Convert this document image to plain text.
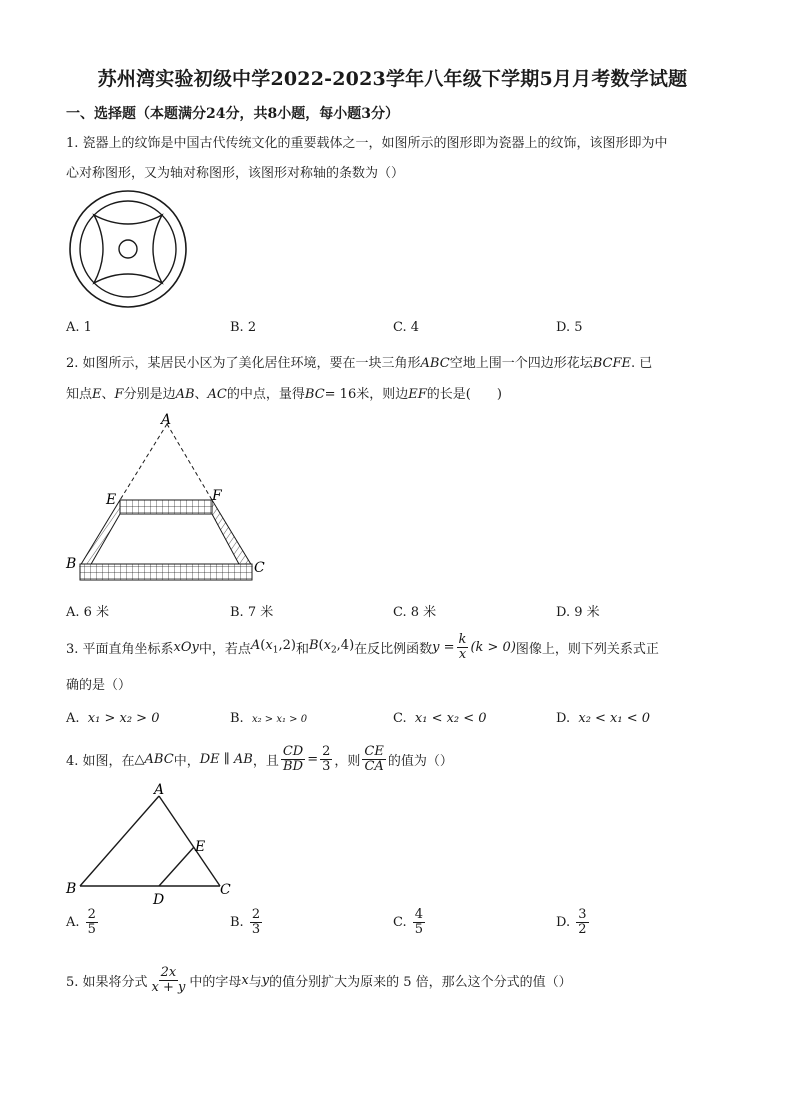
苏州湾实验初级中学2022-2023学年八年级下学期5月月考数学试题
一、选择题（本题满分24分，共8小题，每小题3分）
1. 瓷器上的纹饰是中国古代传统文化的重要载体之一，如图所示的图形即为瓷器上的纹饰，该图形即为中
心对称图形，又为轴对称图形，该图形对称轴的条数为（）
A. 1	B. 2	C. 4	D. 5
2. 如图所示，某居民小区为了美化居住环境，要在一块三角形ABC空地上围一个四边形花坛BCFE. 已
知点E、F分别是边AB、AC的中点，量得BC= 16米，则边EF的长是(　　)
A
E	F
B	C
A. 6 米	B. 7 米	C. 8 米	D. 9 米
3. 平面直角坐标系 xOy 中，若点 $A(x_1,2)$ 和 $B(x_2,4)$ 在反比例函数 $y = \frac{k}{x} (k > 0)$ 图像上，则下列关系式正
确的是（）
A. x₁ > x₂ > 0	B. x₂ > x₁ > 0	C. x₁ < x₂ < 0	D. x₂ < x₁ < 0
4. 如图，在 △ABC 中， DE ∥ AB ，且 $\frac{CD}{BD} = \frac{2}{3}$ ，则 $\frac{CE}{CA}$ 的值为（）
A
B	C
D
E
A.
$\frac{2}{5}$	B.
$\frac{2}{3}$	C.
$\frac{4}{5}$	D.
$\frac{3}{2}$
5. 如果将分式 $\frac{2x}{x + y}$ 中的字母 x 与 y 的值分别扩大为原来的 5 倍，那么这个分式的值（）
